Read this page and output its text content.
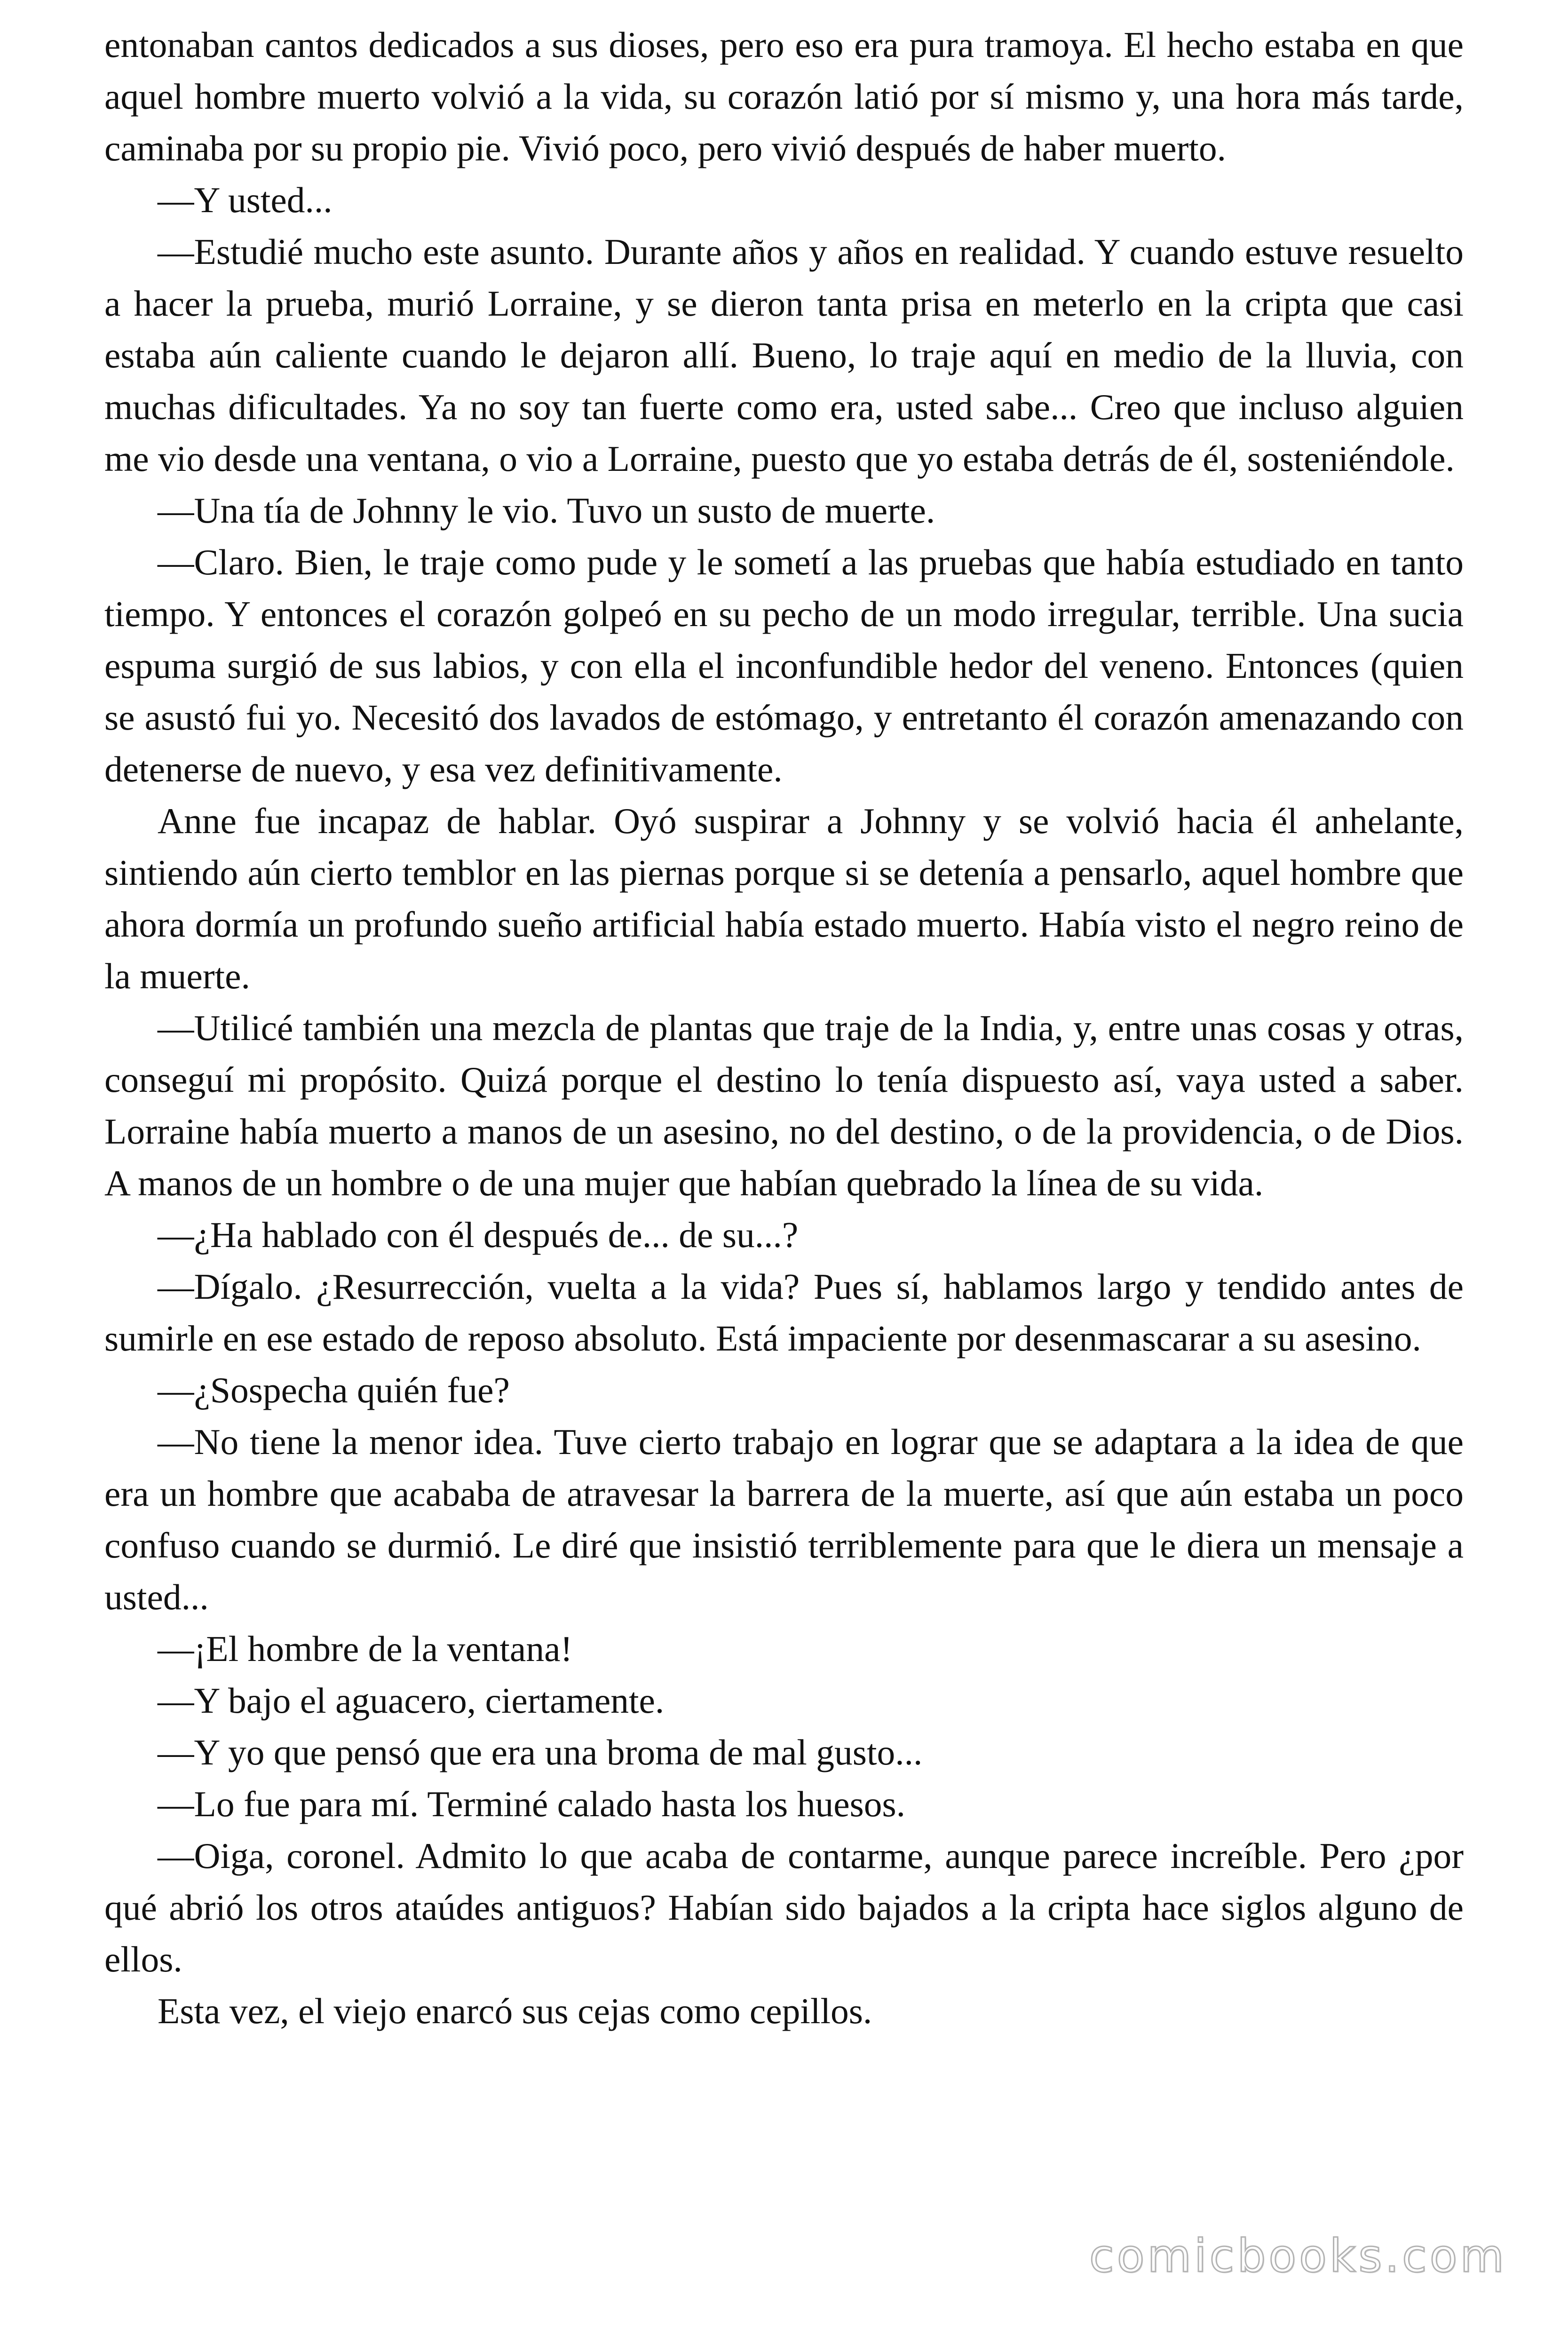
entonaban cantos dedicados a sus dioses, pero eso era pura tramoya. El hecho estaba en que aquel hombre muerto volvió a la vida, su corazón latió por sí mismo y, una hora más tarde, caminaba por su propio pie. Vivió poco, pero vivió después de haber muerto.

—Y usted...

—Estudié mucho este asunto. Durante años y años en realidad. Y cuando estuve resuelto a hacer la prueba, murió Lorraine, y se dieron tanta prisa en meterlo en la cripta que casi estaba aún caliente cuando le dejaron allí. Bueno, lo traje aquí en medio de la lluvia, con muchas dificultades. Ya no soy tan fuerte como era, usted sabe... Creo que incluso alguien me vio desde una ventana, o vio a Lorraine, puesto que yo estaba detrás de él, sosteniéndole.

—Una tía de Johnny le vio. Tuvo un susto de muerte.

—Claro. Bien, le traje como pude y le sometí a las pruebas que había estudiado en tanto tiempo. Y entonces el corazón golpeó en su pecho de un modo irregular, terrible. Una sucia espuma surgió de sus labios, y con ella el inconfundible hedor del veneno. Entonces (quien se asustó fui yo. Necesitó dos lavados de estómago, y entretanto él corazón amenazando con detenerse de nuevo, y esa vez definitivamente.

Anne fue incapaz de hablar. Oyó suspirar a Johnny y se volvió hacia él anhelante, sintiendo aún cierto temblor en las piernas porque si se detenía a pensarlo, aquel hombre que ahora dormía un profundo sueño artificial había estado muerto. Había visto el negro reino de la muerte.

—Utilicé también una mezcla de plantas que traje de la India, y, entre unas cosas y otras, conseguí mi propósito. Quizá porque el destino lo tenía dispuesto así, vaya usted a saber. Lorraine había muerto a manos de un asesino, no del destino, o de la providencia, o de Dios. A manos de un hombre o de una mujer que habían quebrado la línea de su vida.

—¿Ha hablado con él después de... de su...?

—Dígalo. ¿Resurrección, vuelta a la vida? Pues sí, hablamos largo y tendido antes de sumirle en ese estado de reposo absoluto. Está impaciente por desenmascarar a su asesino.

—¿Sospecha quién fue?

—No tiene la menor idea. Tuve cierto trabajo en lograr que se adaptara a la idea de que era un hombre que acababa de atravesar la barrera de la muerte, así que aún estaba un poco confuso cuando se durmió. Le diré que insistió terriblemente para que le diera un mensaje a usted...

—¡El hombre de la ventana!

—Y bajo el aguacero, ciertamente.

—Y yo que pensó que era una broma de mal gusto...

—Lo fue para mí. Terminé calado hasta los huesos.

—Oiga, coronel. Admito lo que acaba de contarme, aunque parece increíble. Pero ¿por qué abrió los otros ataúdes antiguos? Habían sido bajados a la cripta hace siglos alguno de ellos.

Esta vez, el viejo enarcó sus cejas como cepillos.

comicbooks.com
